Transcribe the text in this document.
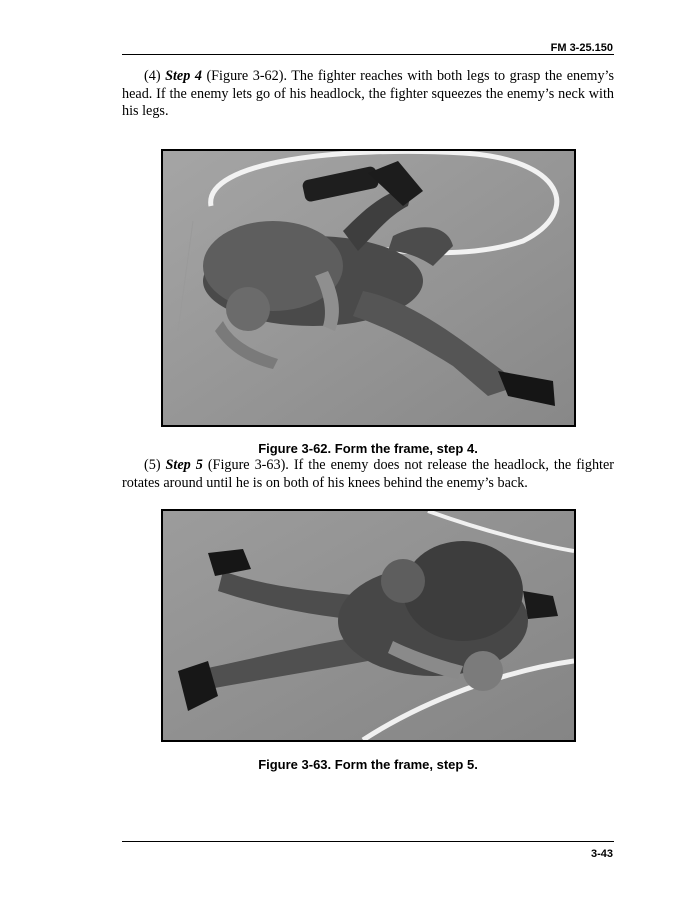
FM 3-25.150

(4) Step 4 (Figure 3-62). The fighter reaches with both legs to grasp the enemy’s head. If the enemy lets go of his headlock, the fighter squeezes the enemy’s neck with his legs.

Figure 3-62. Form the frame, step 4.

(5) Step 5 (Figure 3-63). If the enemy does not release the headlock, the fighter rotates around until he is on both of his knees behind the enemy’s back.

Figure 3-63. Form the frame, step 5.
3-43
